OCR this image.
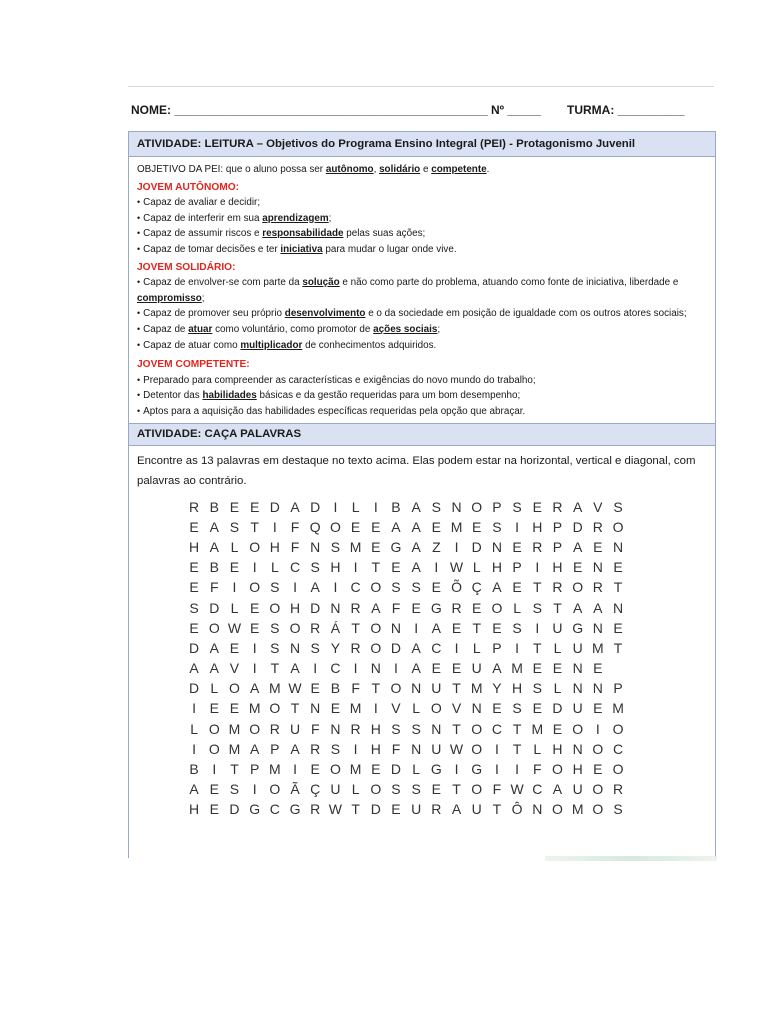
NOME: _______________________________________________ Nº _____ TURMA: __________
ATIVIDADE: LEITURA – Objetivos do Programa Ensino Integral (PEI) - Protagonismo Juvenil

OBJETIVO DA PEI: que o aluno possa ser autônomo, solidário e competente.

JOVEM AUTÔNOMO:

• Capaz de avaliar e decidir;

• Capaz de interferir em sua aprendizagem;

• Capaz de assumir riscos e responsabilidade pelas suas ações;

• Capaz de tomar decisões e ter iniciativa para mudar o lugar onde vive.

JOVEM SOLIDÁRIO:

• Capaz de envolver-se com parte da solução e não como parte do problema, atuando como fonte de iniciativa, liberdade e
compromisso;

• Capaz de promover seu próprio desenvolvimento e o da sociedade em posição de igualdade com os outros atores sociais;

• Capaz de atuar como voluntário, como promotor de ações sociais;

• Capaz de atuar como multiplicador de conhecimentos adquiridos.

JOVEM COMPETENTE:

• Preparado para compreender as características e exigências do novo mundo do trabalho;

• Detentor das habilidades básicas e da gestão requeridas para um bom desempenho;

• Aptos para a aquisição das habilidades específicas requeridas pela opção que abraçar.

ATIVIDADE: CAÇA PALAVRAS
Encontre as 13 palavras em destaque no texto acima. Elas podem estar na horizontal, vertical e diagonal, com palavras ao contrário.
R B E E D A D I	L	I B A S N O P S E R A V S
E A S T I F Q O E E A A E M E S I H P D R O
H A L O H F N S M E G A Z I D N E R P A E N
E B E I	L C S H I T E A I W L H P I H E N E
E F I O S I A I C O S S E Õ Ç A E T R O R T
S D L E O H D N R A F E G R E O L S T A A N
E O W E S O R Á T O N I A E T E S I U G N E
D A E I S N S Y R O D A C I	L P I T L U M T
A A V I T A I C I N I A E E U A M E E N E
D L O A M W E B F T O N U T M Y H S L N N P
I E E M O T N E M I V L O V N E S E D U E M
L O M O R U F N R H S S N T O C T M E O I O
I O M A P A R S I H F N U W O I T L H N O C
B I T P M I E O M E D L G I G I	I F O H E O
A E S I O Ã Ç U L O S S E T O F W C A U O R
H E D G C G R W T D E U R A U T Ô N O M O S
